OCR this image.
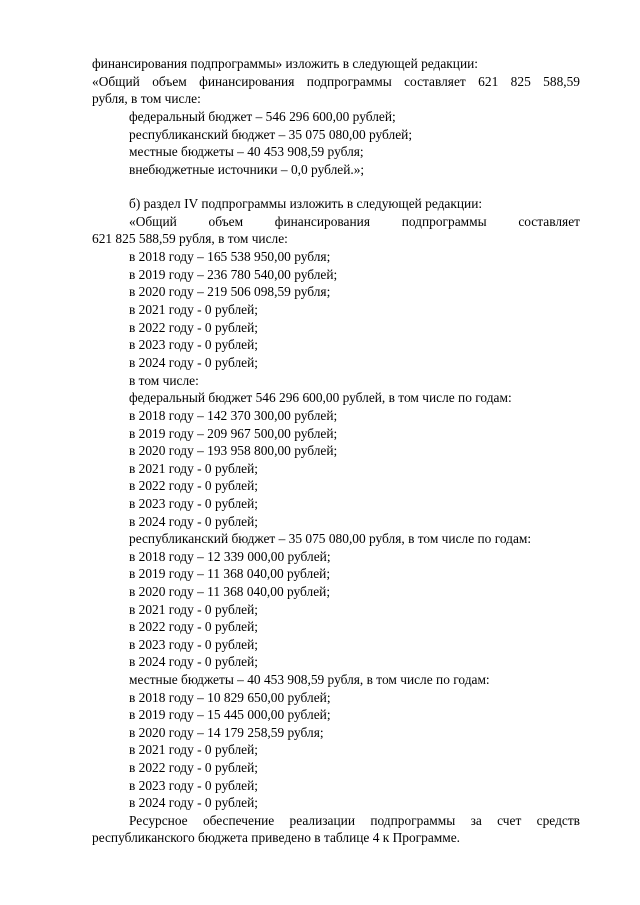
финансирования подпрограммы» изложить в следующей редакции:
«Общий объем финансирования подпрограммы составляет 621 825 588,59
рубля, в том числе:
федеральный бюджет – 546 296 600,00 рублей;
республиканский бюджет – 35 075 080,00 рублей;
местные бюджеты – 40 453 908,59 рубля;
внебюджетные источники – 0,0 рублей.»;
б) раздел IV подпрограммы изложить в следующей редакции:
«Общий объем финансирования подпрограммы составляет
621 825 588,59 рубля, в том числе:
в 2018 году – 165 538 950,00 рубля;
в 2019 году – 236 780 540,00 рублей;
в 2020 году – 219 506 098,59 рубля;
в 2021 году - 0 рублей;
в 2022 году - 0 рублей;
в 2023 году - 0 рублей;
в 2024 году - 0 рублей;
в том числе:
федеральный бюджет 546 296 600,00 рублей, в том числе по годам:
в 2018 году – 142 370 300,00 рублей;
в 2019 году – 209 967 500,00 рублей;
в 2020 году – 193 958 800,00 рублей;
в 2021 году - 0 рублей;
в 2022 году - 0 рублей;
в 2023 году - 0 рублей;
в 2024 году - 0 рублей;
республиканский бюджет – 35 075 080,00 рубля, в том числе по годам:
в 2018 году – 12 339 000,00 рублей;
в 2019 году – 11 368 040,00 рублей;
в 2020 году – 11 368 040,00 рублей;
в 2021 году - 0 рублей;
в 2022 году - 0 рублей;
в 2023 году - 0 рублей;
в 2024 году - 0 рублей;
местные бюджеты – 40 453 908,59 рубля, в том числе по годам:
в 2018 году – 10 829 650,00 рублей;
в 2019 году – 15 445 000,00 рублей;
в 2020 году – 14 179 258,59 рубля;
в 2021 году - 0 рублей;
в 2022 году - 0 рублей;
в 2023 году - 0 рублей;
в 2024 году - 0 рублей;
Ресурсное обеспечение реализации подпрограммы за счет средств
республиканского бюджета приведено в таблице 4 к Программе.
